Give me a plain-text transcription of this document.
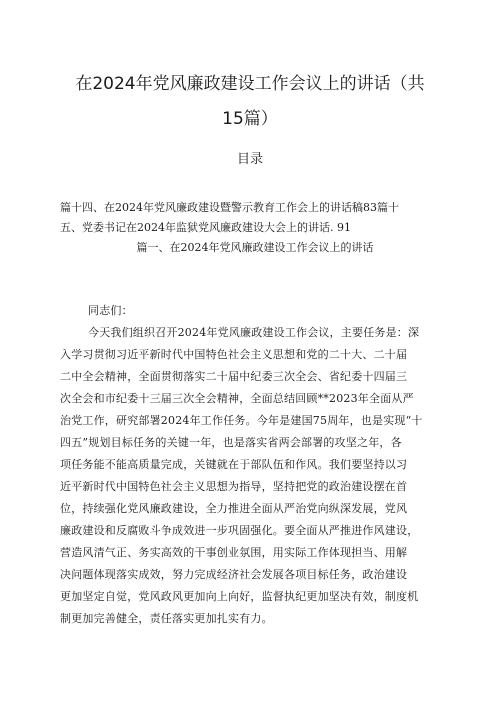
在2024年党风廉政建设工作会议上的讲话（共
15篇）
目录
篇十四、在2024年党风廉政建设暨警示教育工作会上的讲话稿83篇十
五、党委书记在2024年监狱党风廉政建设大会上的讲话. 91
篇一、在2024年党风廉政建设工作会议上的讲话
同志们：
今天我们组织召开2024年党风廉政建设工作会议，主要任务是：深
入学习贯彻习近平新时代中国特色社会主义思想和党的二十大、二十届
二中全会精神，全面贯彻落实二十届中纪委三次全会、省纪委十四届三
次全会和市纪委十三届三次全会精神，全面总结回顾**2023年全面从严
治党工作，研究部署2024年工作任务。今年是建国75周年，也是实现“十
四五”规划目标任务的关键一年，也是落实省两会部署的攻坚之年，各
项任务能不能高质量完成，关键就在于部队伍和作风。我们要坚持以习
近平新时代中国特色社会主义思想为指导，坚持把党的政治建设摆在首
位，持续强化党风廉政建设，全力推进全面从严治党向纵深发展，党风
廉政建设和反腐败斗争成效进一步巩固强化。要全面从严推进作风建设，
营造风清气正、务实高效的干事创业氛围，用实际工作体现担当、用解
决问题体现落实成效，努力完成经济社会发展各项目标任务，政治建设
更加坚定自觉，党风政风更加向上向好，监督执纪更加坚决有效，制度机
制更加完善健全，责任落实更加扎实有力。
